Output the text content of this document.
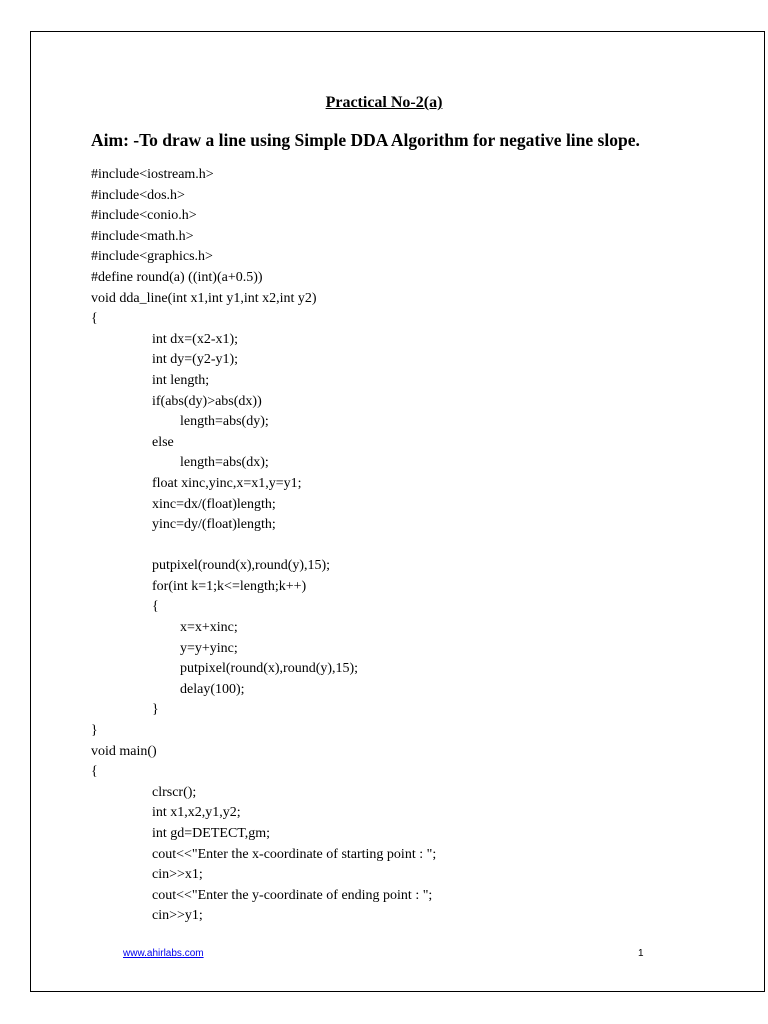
Practical No-2(a)

Aim: -To draw a line using Simple DDA Algorithm for negative line slope.

#include<iostream.h>
#include<dos.h>
#include<conio.h>
#include<math.h>
#include<graphics.h>
#define round(a) ((int)(a+0.5))
void dda_line(int x1,int y1,int x2,int y2)
{
int dx=(x2-x1);
int dy=(y2-y1);
int length;
if(abs(dy)>abs(dx))
length=abs(dy);
else
length=abs(dx);
float xinc,yinc,x=x1,y=y1;
xinc=dx/(float)length;
yinc=dy/(float)length;
putpixel(round(x),round(y),15);
for(int k=1;k<=length;k++)
{
x=x+xinc;
y=y+yinc;
putpixel(round(x),round(y),15);
delay(100);
}
}
void main()
{
clrscr();
int x1,x2,y1,y2;
int gd=DETECT,gm;
cout<<"Enter the x-coordinate of starting point : ";
cin>>x1;
cout<<"Enter the y-coordinate of ending point : ";
cin>>y1;
www.ahirlabs.com	1
